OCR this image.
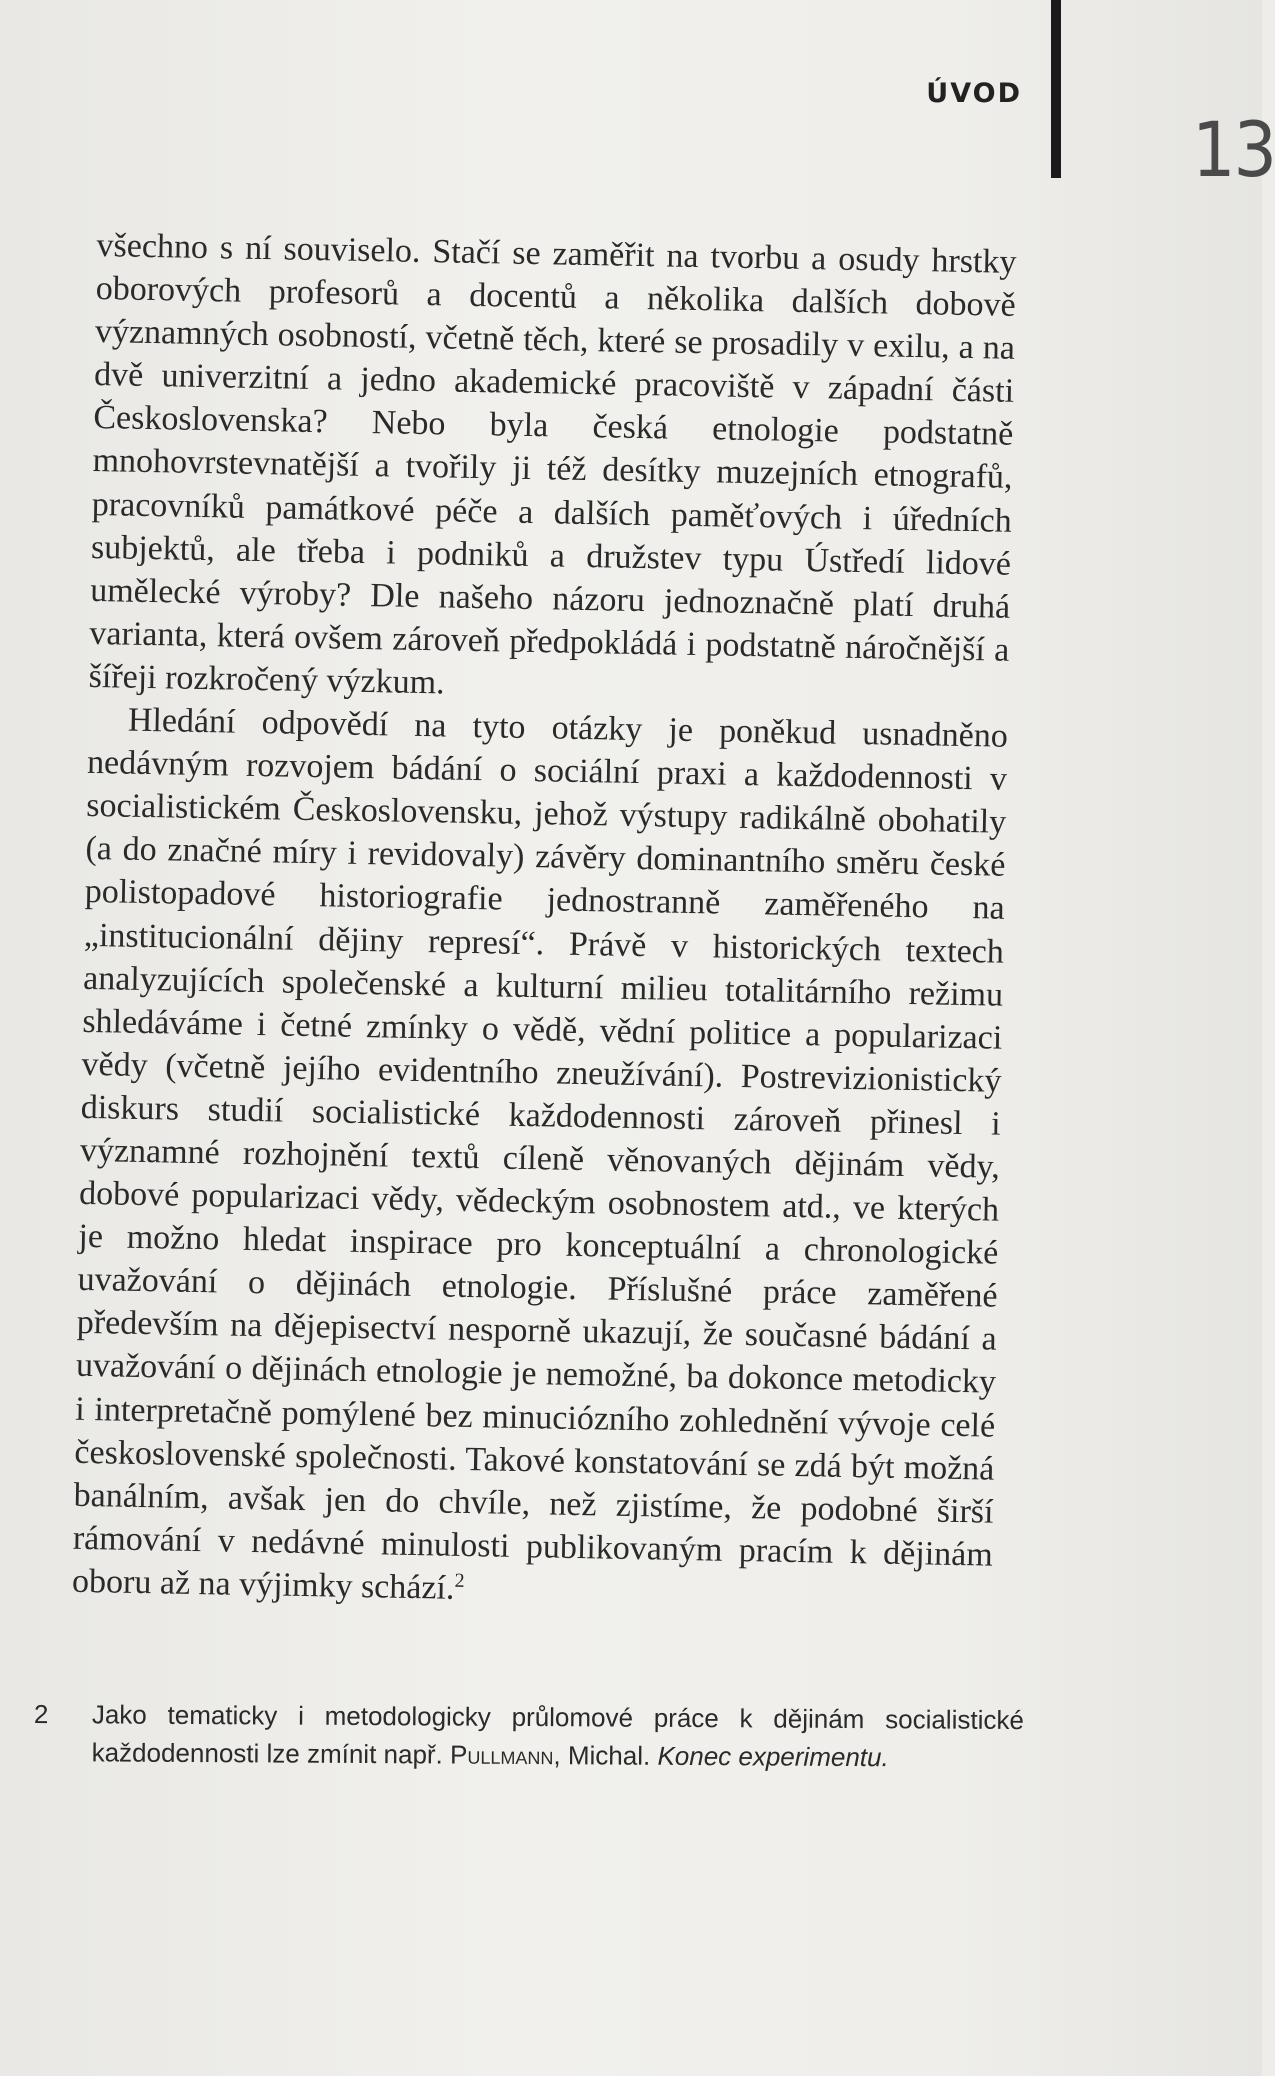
ÚVOD
13

všechno s ní souviselo. Stačí se zaměřit na tvorbu a osudy hrstky oborových profesorů a docentů a několika dalších dobově významných osobností, včetně těch, které se prosadily v exilu, a na dvě univerzitní a jedno akademické pracoviště v západní části Československa? Nebo byla česká etnologie podstatně mnohovrstevnatější a tvořily ji též desítky muzejních etnografů, pracovníků památkové péče a dalších paměťových i úředních subjektů, ale třeba i podniků a družstev typu Ústředí lidové umělecké výroby? Dle našeho názoru jednoznačně platí druhá varianta, která ovšem zároveň předpokládá i podstatně náročnější a šířeji rozkročený výzkum.

Hledání odpovědí na tyto otázky je poněkud usnadněno nedávným rozvojem bádání o sociální praxi a každodennosti v socialistickém Československu, jehož výstupy radikálně obohatily (a do značné míry i revidovaly) závěry dominantního směru české polistopadové historiografie jednostranně zaměřeného na „institucionální dějiny represí“. Právě v historických textech analyzujících společenské a kulturní milieu totalitárního režimu shledáváme i četné zmínky o vědě, vědní politice a popularizaci vědy (včetně jejího evidentního zneužívání). Postrevizionistický diskurs studií socialistické každodennosti zároveň přinesl i významné rozhojnění textů cíleně věnovaných dějinám vědy, dobové popularizaci vědy, vědeckým osobnostem atd., ve kterých je možno hledat inspirace pro konceptuální a chronologické uvažování o dějinách etnologie. Příslušné práce zaměřené především na dějepisectví nesporně ukazují, že současné bádání a uvažování o dějinách etnologie je nemožné, ba dokonce metodicky i interpretačně pomýlené bez minuciózního zohlednění vývoje celé československé společnosti. Takové konstatování se zdá být možná banálním, avšak jen do chvíle, než zjistíme, že podobné širší rámování v nedávné minulosti publikovaným pracím k dějinám oboru až na výjimky schází.$^2$

2 Jako tematicky i metodologicky průlomové práce k dějinám socialistické každodennosti lze zmínit např. Pullmann, Michal. Konec experimentu.
